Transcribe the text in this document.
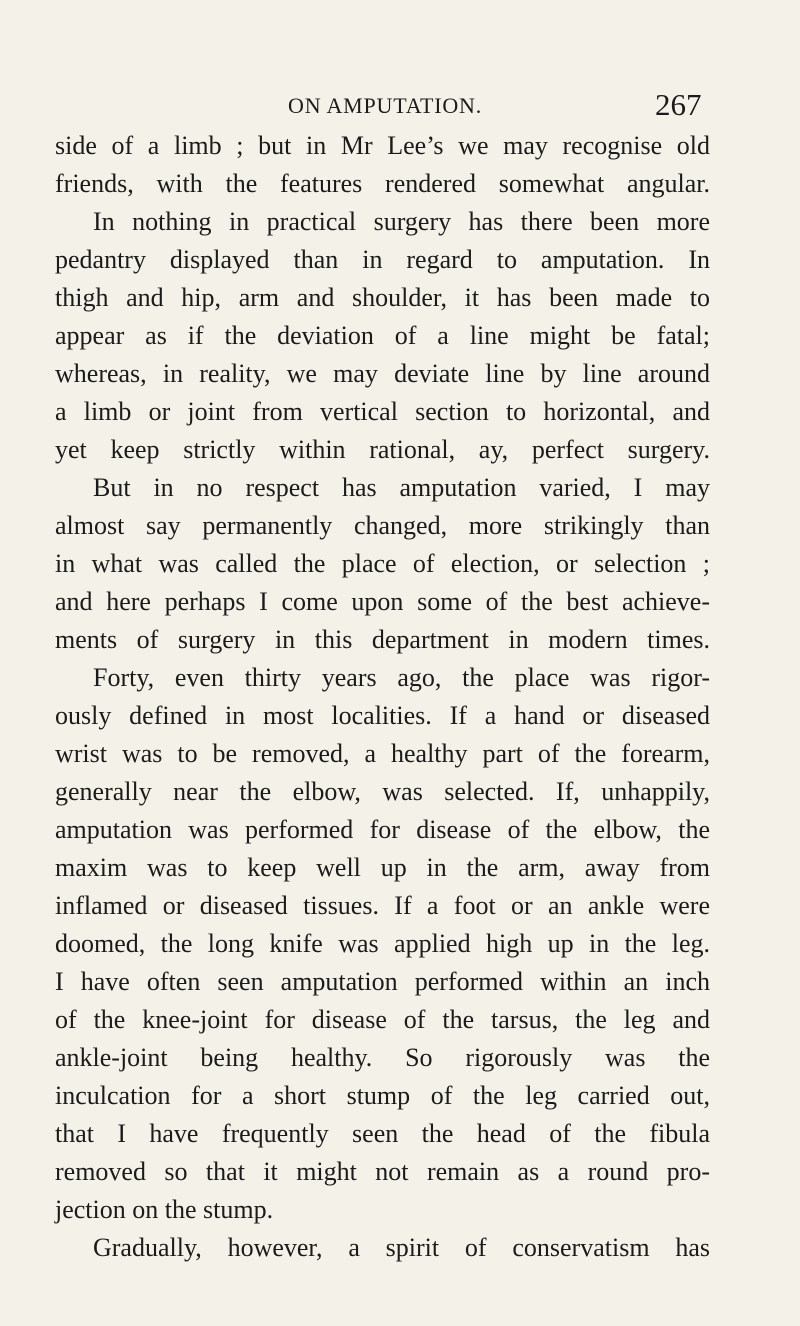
ON AMPUTATION.	267
side of a limb ; but in Mr Lee’s we may recognise old
friends, with the features rendered somewhat angular.
In nothing in practical surgery has there been more
pedantry displayed than in regard to amputation. In
thigh and hip, arm and shoulder, it has been made to
appear as if the deviation of a line might be fatal;
whereas, in reality, we may deviate line by line around
a limb or joint from vertical section to horizontal, and
yet keep strictly within rational, ay, perfect surgery.
But in no respect has amputation varied, I may
almost say permanently changed, more strikingly than
in what was called the place of election, or selection ;
and here perhaps I come upon some of the best achieve-
ments of surgery in this department in modern times.
Forty, even thirty years ago, the place was rigor-
ously defined in most localities. If a hand or diseased
wrist was to be removed, a healthy part of the forearm,
generally near the elbow, was selected. If, unhappily,
amputation was performed for disease of the elbow, the
maxim was to keep well up in the arm, away from
inflamed or diseased tissues. If a foot or an ankle were
doomed, the long knife was applied high up in the leg.
I have often seen amputation performed within an inch
of the knee-joint for disease of the tarsus, the leg and
ankle-joint being healthy. So rigorously was the
inculcation for a short stump of the leg carried out,
that I have frequently seen the head of the fibula
removed so that it might not remain as a round pro-
jection on the stump.
Gradually, however, a spirit of conservatism has
